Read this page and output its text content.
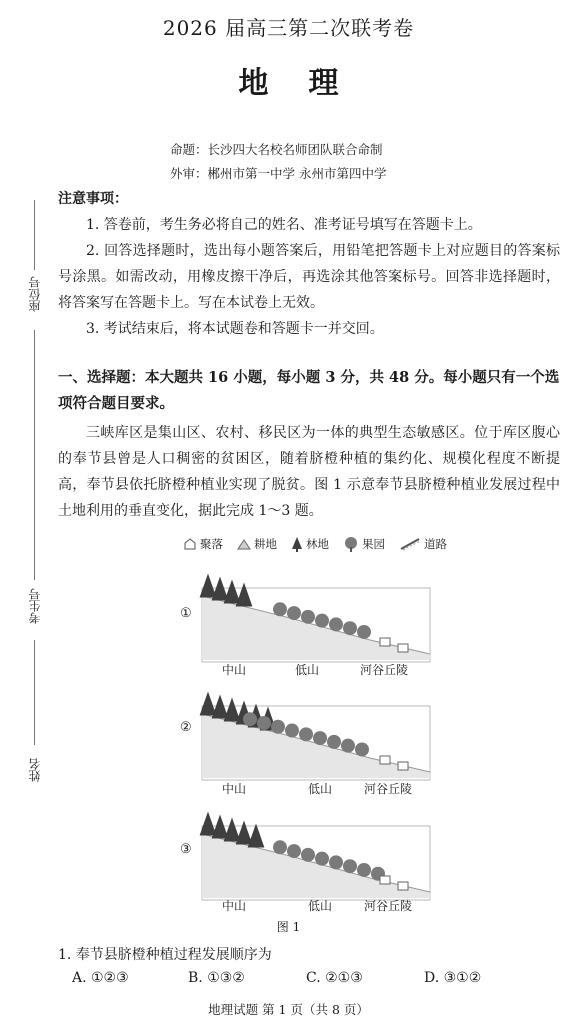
2026 届高三第二次联考卷
地理
命题：长沙四大名校名师团队联合命制
外审：郴州市第一中学 永州市第四中学
座位号
考生号
姓名
注意事项：
1. 答卷前，考生务必将自己的姓名、准考证号填写在答题卡上。
2. 回答选择题时，选出每小题答案后，用铅笔把答题卡上对应题目的答案标号涂黑。如需改动，用橡皮擦干净后，再选涂其他答案标号。回答非选择题时，将答案写在答题卡上。写在本试卷上无效。
3. 考试结束后，将本试题卷和答题卡一并交回。
一、选择题：本大题共 16 小题，每小题 3 分，共 48 分。每小题只有一个选项符合题目要求。
三峡库区是集山区、农村、移民区为一体的典型生态敏感区。位于库区腹心的奉节县曾是人口稠密的贫困区，随着脐橙种植的集约化、规模化程度不断提高，奉节县依托脐橙种植业实现了脱贫。图 1 示意奉节县脐橙种植业发展过程中土地利用的垂直变化，据此完成 1～3 题。
聚落	耕地	林地	果园	道路
①
②
③
中山	低山	河谷丘陵
中山	低山	河谷丘陵
中山	低山	河谷丘陵
图 1
1. 奉节县脐橙种植过程发展顺序为
A. ①②③	B. ①③②	C. ②①③	D. ③①②
地理试题 第 1 页（共 8 页）
